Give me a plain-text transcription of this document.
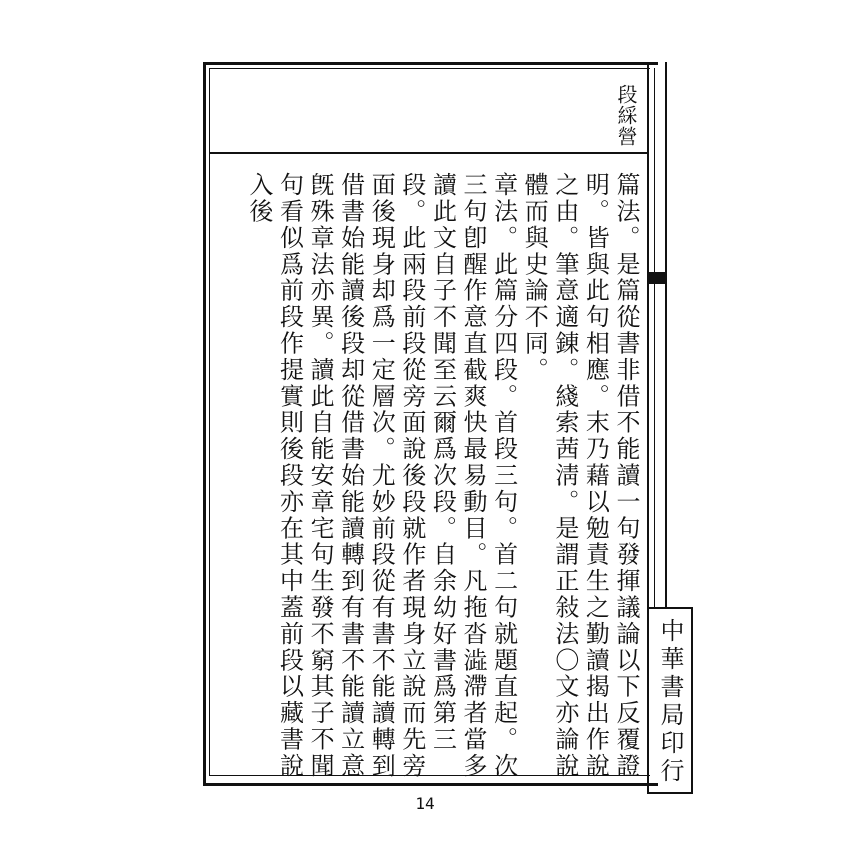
段綵營
中華書局印行

篇法。是篇從書非借不能讀一句發揮議論以下反覆證明。皆與此句相應。末乃藉以勉責生之勤讀揭出作說之由。筆意適錬。綫索茜淸。是謂正敍法〇文亦論說體而與史論不同。

章法。此篇分四段。首段三句。首二句就題直起。次三句卽醒作意直截爽快最易動目。凡拖沓澁滯者當多讀此文自子不聞至云爾爲次段。自余幼好書爲第三段。此兩段前段從旁面說後段就作者現身立說而先旁面後現身却爲一定層次。尤妙前段從有書不能讀轉到借書始能讀後段却從借書始能讀轉到有書不能讀立意旣殊章法亦異。讀此自能安章宅句生發不窮其子不聞句看似爲前段作提實則後段亦在其中蓋前段以藏書說入後

14
